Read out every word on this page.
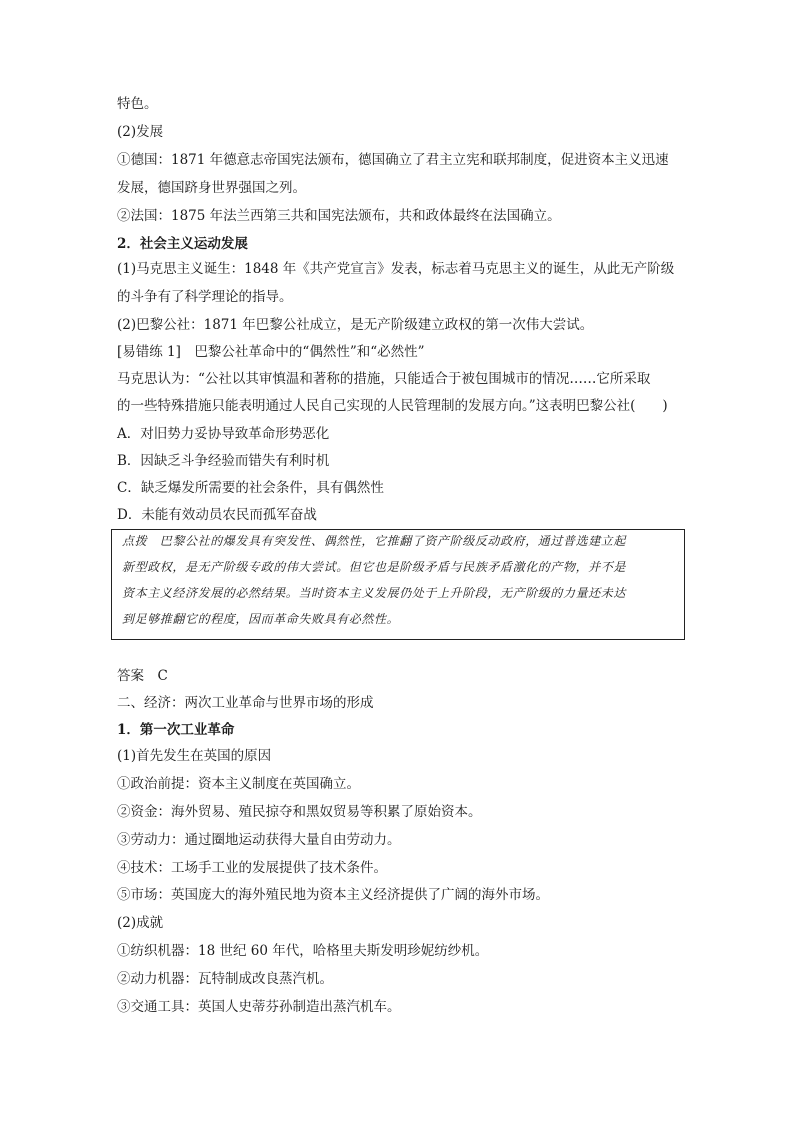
特色。
(2)发展
①德国：1871 年德意志帝国宪法颁布，德国确立了君主立宪和联邦制度，促进资本主义迅速
发展，德国跻身世界强国之列。
②法国：1875 年法兰西第三共和国宪法颁布，共和政体最终在法国确立。
2．社会主义运动发展
(1)马克思主义诞生：1848 年《共产党宣言》发表，标志着马克思主义的诞生，从此无产阶级
的斗争有了科学理论的指导。
(2)巴黎公社：1871 年巴黎公社成立，是无产阶级建立政权的第一次伟大尝试。
[易错练 1]　巴黎公社革命中的“偶然性”和“必然性”
马克思认为：“公社以其审慎温和著称的措施，只能适合于被包围城市的情况……它所采取
的一些特殊措施只能表明通过人民自己实现的人民管理制的发展方向。”这表明巴黎公社(　　)
A．对旧势力妥协导致革命形势恶化
B．因缺乏斗争经验而错失有利时机
C．缺乏爆发所需要的社会条件，具有偶然性
D．未能有效动员农民而孤军奋战
点拨　巴黎公社的爆发具有突发性、偶然性，它推翻了资产阶级反动政府，通过普选建立起
新型政权，是无产阶级专政的伟大尝试。但它也是阶级矛盾与民族矛盾激化的产物，并不是
资本主义经济发展的必然结果。当时资本主义发展仍处于上升阶段，无产阶级的力量还未达
到足够推翻它的程度，因而革命失败具有必然性。
答案　C
二、经济：两次工业革命与世界市场的形成
1．第一次工业革命
(1)首先发生在英国的原因
①政治前提：资本主义制度在英国确立。
②资金：海外贸易、殖民掠夺和黑奴贸易等积累了原始资本。
③劳动力：通过圈地运动获得大量自由劳动力。
④技术：工场手工业的发展提供了技术条件。
⑤市场：英国庞大的海外殖民地为资本主义经济提供了广阔的海外市场。
(2)成就
①纺织机器：18 世纪 60 年代，哈格里夫斯发明珍妮纺纱机。
②动力机器：瓦特制成改良蒸汽机。
③交通工具：英国人史蒂芬孙制造出蒸汽机车。
